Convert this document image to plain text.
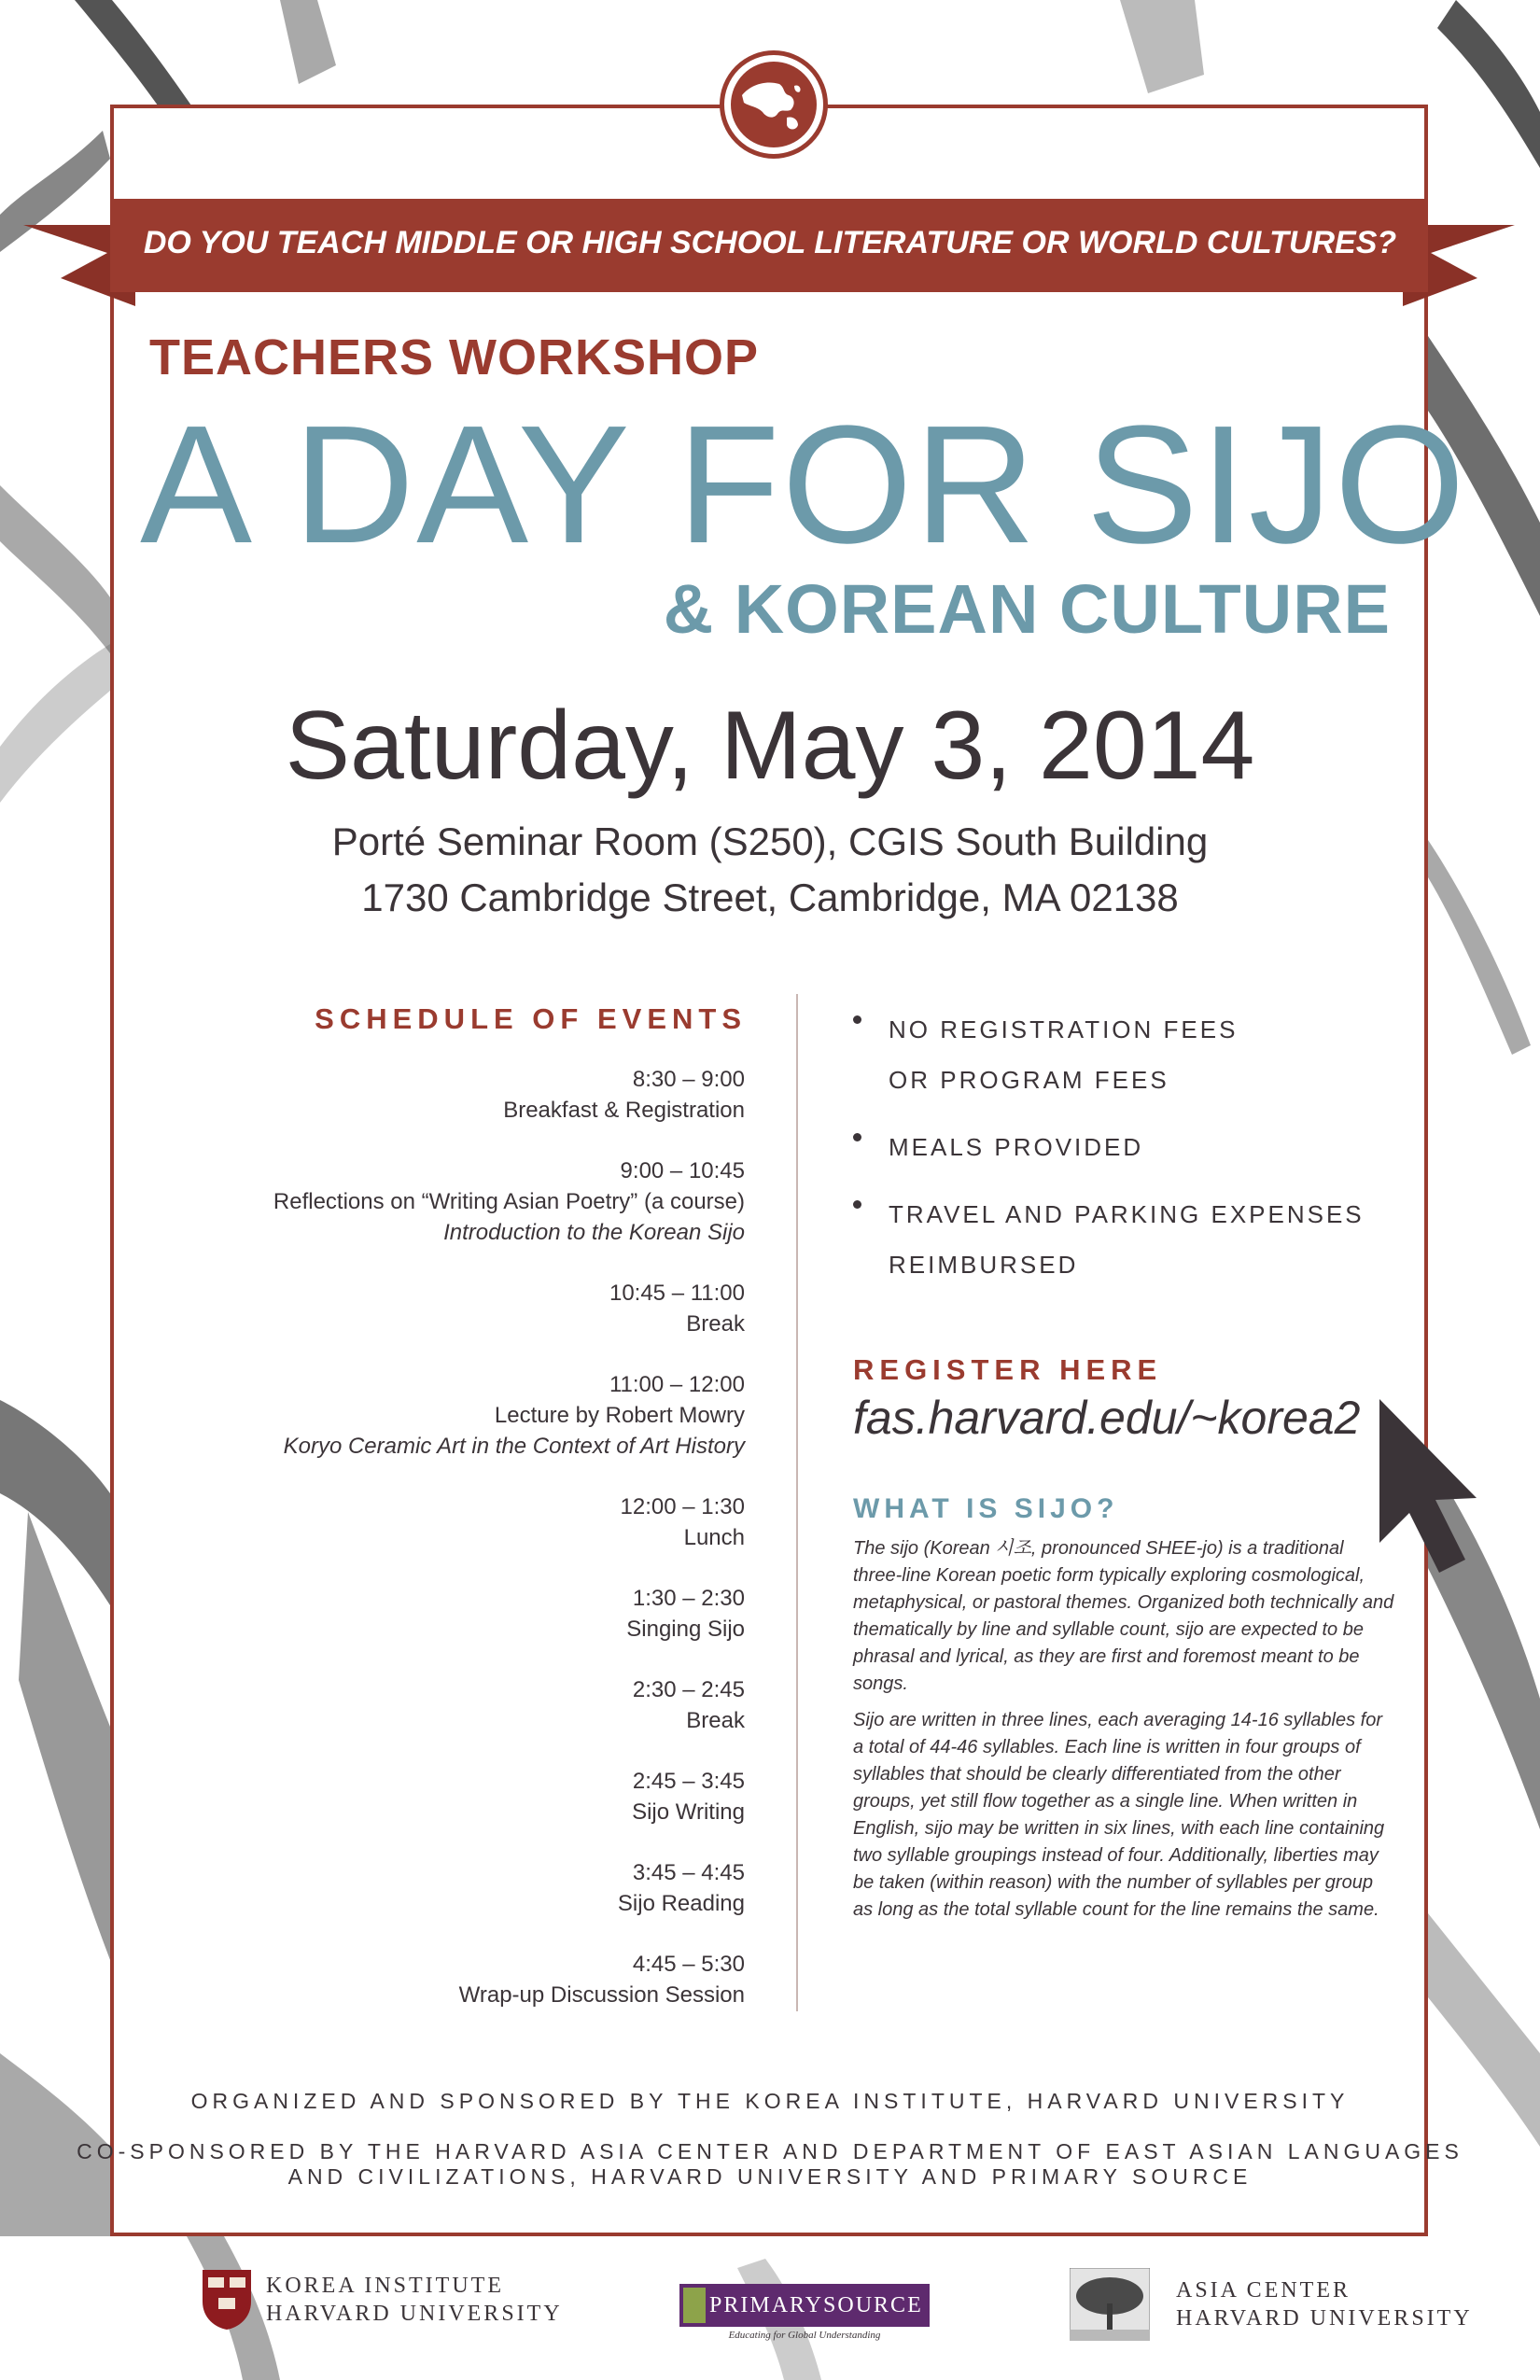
DO YOU TEACH MIDDLE OR HIGH SCHOOL LITERATURE OR WORLD CULTURES?
TEACHERS WORKSHOP
A DAY FOR SIJO
& KOREAN CULTURE
Saturday, May 3, 2014
Porté Seminar Room (S250), CGIS South Building
1730 Cambridge Street, Cambridge, MA 02138
SCHEDULE OF EVENTS
8:30 – 9:00
Breakfast & Registration
9:00 – 10:45
Reflections on “Writing Asian Poetry” (a course)
Introduction to the Korean Sijo
10:45 – 11:00
Break
11:00 – 12:00
Lecture by Robert Mowry
Koryo Ceramic Art in the Context of Art History
12:00 – 1:30
Lunch
1:30 – 2:30
Singing Sijo
2:30 – 2:45
Break
2:45 – 3:45
Sijo Writing
3:45 – 4:45
Sijo Reading
4:45 – 5:30
Wrap-up Discussion Session
NO REGISTRATION FEES
OR PROGRAM FEES
MEALS PROVIDED
TRAVEL AND PARKING EXPENSES
REIMBURSED
REGISTER HERE
fas.harvard.edu/~korea2
WHAT IS SIJO?

The sijo (Korean 시조, pronounced SHEE-jo) is a traditional three-line Korean poetic form typically exploring cosmological, metaphysical, or pastoral themes. Organized both technically and thematically by line and syllable count, sijo are expected to be phrasal and lyrical, as they are first and foremost meant to be songs.

Sijo are written in three lines, each averaging 14-16 syllables for a total of 44-46 syllables. Each line is written in four groups of syllables that should be clearly differentiated from the other groups, yet still flow together as a single line. When written in English, sijo may be written in six lines, with each line containing two syllable groupings instead of four. Additionally, liberties may be taken (within reason) with the number of syllables per group as long as the total syllable count for the line remains the same.

ORGANIZED AND SPONSORED BY THE KOREA INSTITUTE, HARVARD UNIVERSITY
CO-SPONSORED BY THE HARVARD ASIA CENTER AND DEPARTMENT OF EAST ASIAN LANGUAGES
AND CIVILIZATIONS, HARVARD UNIVERSITY AND PRIMARY SOURCE
KOREA INSTITUTE
HARVARD UNIVERSITY	PRIMARYSOURCE
Educating for Global Understanding
ASIA CENTER
HARVARD UNIVERSITY
